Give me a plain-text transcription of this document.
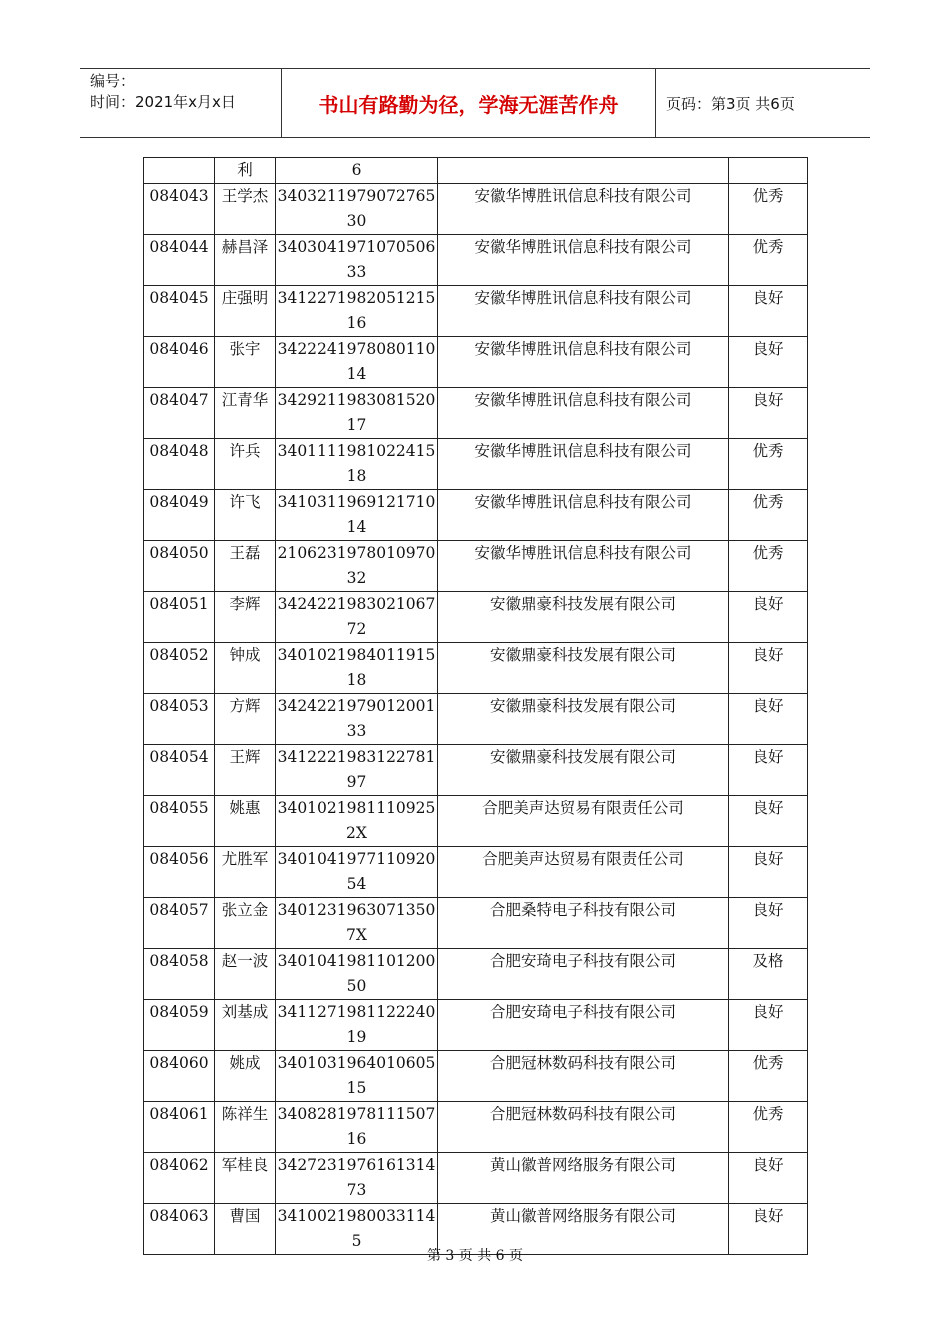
编号：
时间：2021年x月x日	书山有路勤为径，学海无涯苦作舟	页码：第3页 共6页
	利	6		
084043	王学杰	340321197907276530	安徽华博胜讯信息科技有限公司	优秀
084044	赫昌泽	340304197107050633	安徽华博胜讯信息科技有限公司	优秀
084045	庄强明	341227198205121516	安徽华博胜讯信息科技有限公司	良好
084046	张宇	342224197808011014	安徽华博胜讯信息科技有限公司	良好
084047	江青华	342921198308152017	安徽华博胜讯信息科技有限公司	良好
084048	许兵	340111198102241518	安徽华博胜讯信息科技有限公司	优秀
084049	许飞	341031196912171014	安徽华博胜讯信息科技有限公司	优秀
084050	王磊	210623197801097032	安徽华博胜讯信息科技有限公司	优秀
084051	李辉	342422198302106772	安徽鼎豪科技发展有限公司	良好
084052	钟成	340102198401191518	安徽鼎豪科技发展有限公司	良好
084053	方辉	342422197901200133	安徽鼎豪科技发展有限公司	良好
084054	王辉	341222198312278197	安徽鼎豪科技发展有限公司	良好
084055	姚惠	34010219811109252X	合肥美声达贸易有限责任公司	良好
084056	尤胜军	340104197711092054	合肥美声达贸易有限责任公司	良好
084057	张立金	34012319630713507X	合肥桑特电子科技有限公司	良好
084058	赵一波	340104198110120050	合肥安琦电子科技有限公司	及格
084059	刘基成	341127198112224019	合肥安琦电子科技有限公司	良好
084060	姚成	340103196401060515	合肥冠林数码科技有限公司	优秀
084061	陈祥生	340828197811150716	合肥冠林数码科技有限公司	优秀
084062	军桂良	342723197616131473	黄山徽普网络服务有限公司	良好
084063	曹国	34100219800331145	黄山徽普网络服务有限公司	良好
第 3 页 共 6 页
